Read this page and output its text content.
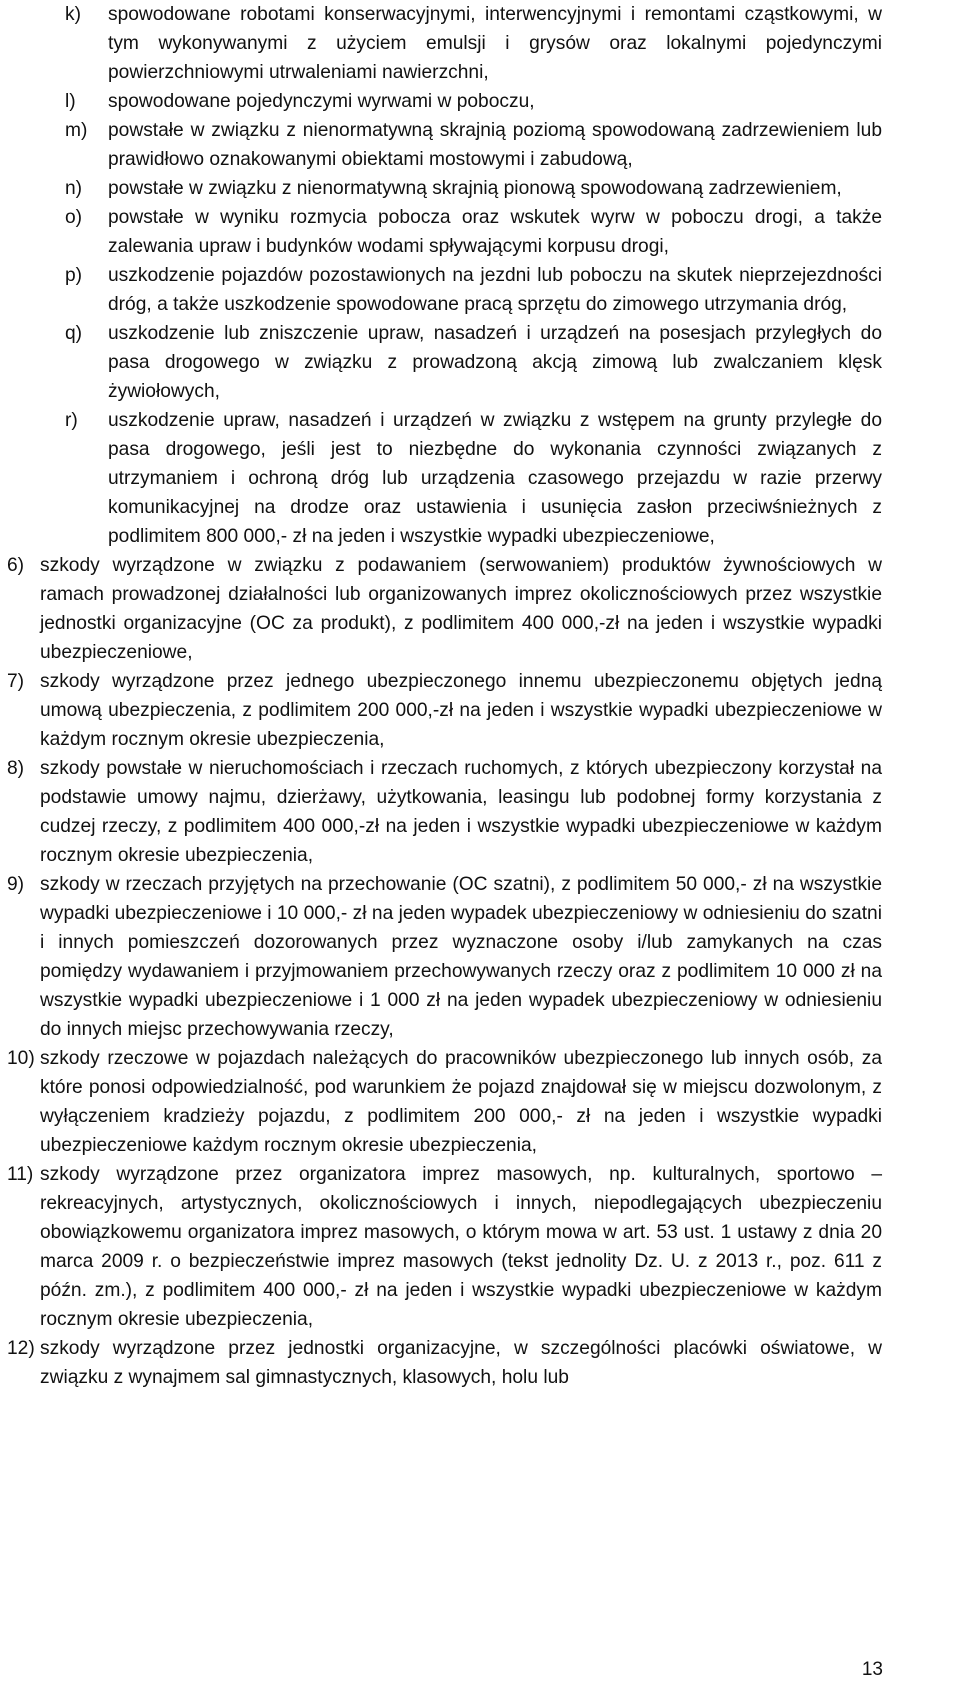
k) spowodowane robotami konserwacyjnymi, interwencyjnymi i remontami cząstkowymi, w tym wykonywanymi z użyciem emulsji i grysów oraz lokalnymi pojedynczymi powierzchniowymi utrwaleniami nawierzchni,
l) spowodowane pojedynczymi wyrwami w poboczu,
m) powstałe w związku z nienormatywną skrajnią poziomą spowodowaną zadrzewieniem lub prawidłowo oznakowanymi obiektami mostowymi i zabudową,
n) powstałe w związku z nienormatywną skrajnią pionową spowodowaną zadrzewieniem,
o) powstałe w wyniku rozmycia pobocza oraz wskutek wyrw w poboczu drogi, a także zalewania upraw i budynków wodami spływającymi korpusu drogi,
p) uszkodzenie pojazdów pozostawionych na jezdni lub poboczu na skutek nieprzejezdności dróg, a także uszkodzenie spowodowane pracą sprzętu do zimowego utrzymania dróg,
q) uszkodzenie lub zniszczenie upraw, nasadzeń i urządzeń na posesjach przyległych do pasa drogowego w związku z prowadzoną akcją zimową lub zwalczaniem klęsk żywiołowych,
r) uszkodzenie upraw, nasadzeń i urządzeń w związku z wstępem na grunty przyległe do pasa drogowego, jeśli jest to niezbędne do wykonania czynności związanych z utrzymaniem i ochroną dróg lub urządzenia czasowego przejazdu w razie przerwy komunikacyjnej na drodze oraz ustawienia i usunięcia zasłon przeciwśnieżnych z podlimitem 800 000,- zł na jeden i wszystkie wypadki ubezpieczeniowe,
6) szkody wyrządzone w związku z podawaniem (serwowaniem) produktów żywnościowych w ramach prowadzonej działalności lub organizowanych imprez okolicznościowych przez wszystkie jednostki organizacyjne (OC za produkt), z podlimitem 400 000,-zł na jeden i wszystkie wypadki ubezpieczeniowe,
7) szkody wyrządzone przez jednego ubezpieczonego innemu ubezpieczonemu objętych jedną umową ubezpieczenia, z podlimitem 200 000,-zł na jeden i wszystkie wypadki ubezpieczeniowe w każdym rocznym okresie ubezpieczenia,
8) szkody powstałe w nieruchomościach i rzeczach ruchomych, z których ubezpieczony korzystał na podstawie umowy najmu, dzierżawy, użytkowania, leasingu lub podobnej formy korzystania z cudzej rzeczy, z podlimitem 400 000,-zł na jeden i wszystkie wypadki ubezpieczeniowe w każdym rocznym okresie ubezpieczenia,
9) szkody w rzeczach przyjętych na przechowanie (OC szatni), z podlimitem 50 000,- zł na wszystkie wypadki ubezpieczeniowe i 10 000,- zł na jeden wypadek ubezpieczeniowy w odniesieniu do szatni i innych pomieszczeń dozorowanych przez wyznaczone osoby i/lub zamykanych na czas pomiędzy wydawaniem i przyjmowaniem przechowywanych rzeczy oraz z podlimitem 10 000 zł na wszystkie wypadki ubezpieczeniowe i 1 000 zł na jeden wypadek ubezpieczeniowy w odniesieniu do innych miejsc przechowywania rzeczy,
10) szkody rzeczowe w pojazdach należących do pracowników ubezpieczonego lub innych osób, za które ponosi odpowiedzialność, pod warunkiem że pojazd znajdował się w miejscu dozwolonym, z wyłączeniem kradzieży pojazdu, z podlimitem 200 000,- zł na jeden i wszystkie wypadki ubezpieczeniowe każdym rocznym okresie ubezpieczenia,
11) szkody wyrządzone przez organizatora imprez masowych, np. kulturalnych, sportowo – rekreacyjnych, artystycznych, okolicznościowych i innych, niepodlegających ubezpieczeniu obowiązkowemu organizatora imprez masowych, o którym mowa w art. 53 ust. 1 ustawy z dnia 20 marca 2009 r. o bezpieczeństwie imprez masowych (tekst jednolity Dz. U. z 2013 r., poz. 611 z późn. zm.), z podlimitem 400 000,- zł na jeden i wszystkie wypadki ubezpieczeniowe w każdym rocznym okresie ubezpieczenia,
12) szkody wyrządzone przez jednostki organizacyjne, w szczególności placówki oświatowe, w związku z wynajmem sal gimnastycznych, klasowych, holu lub
13
